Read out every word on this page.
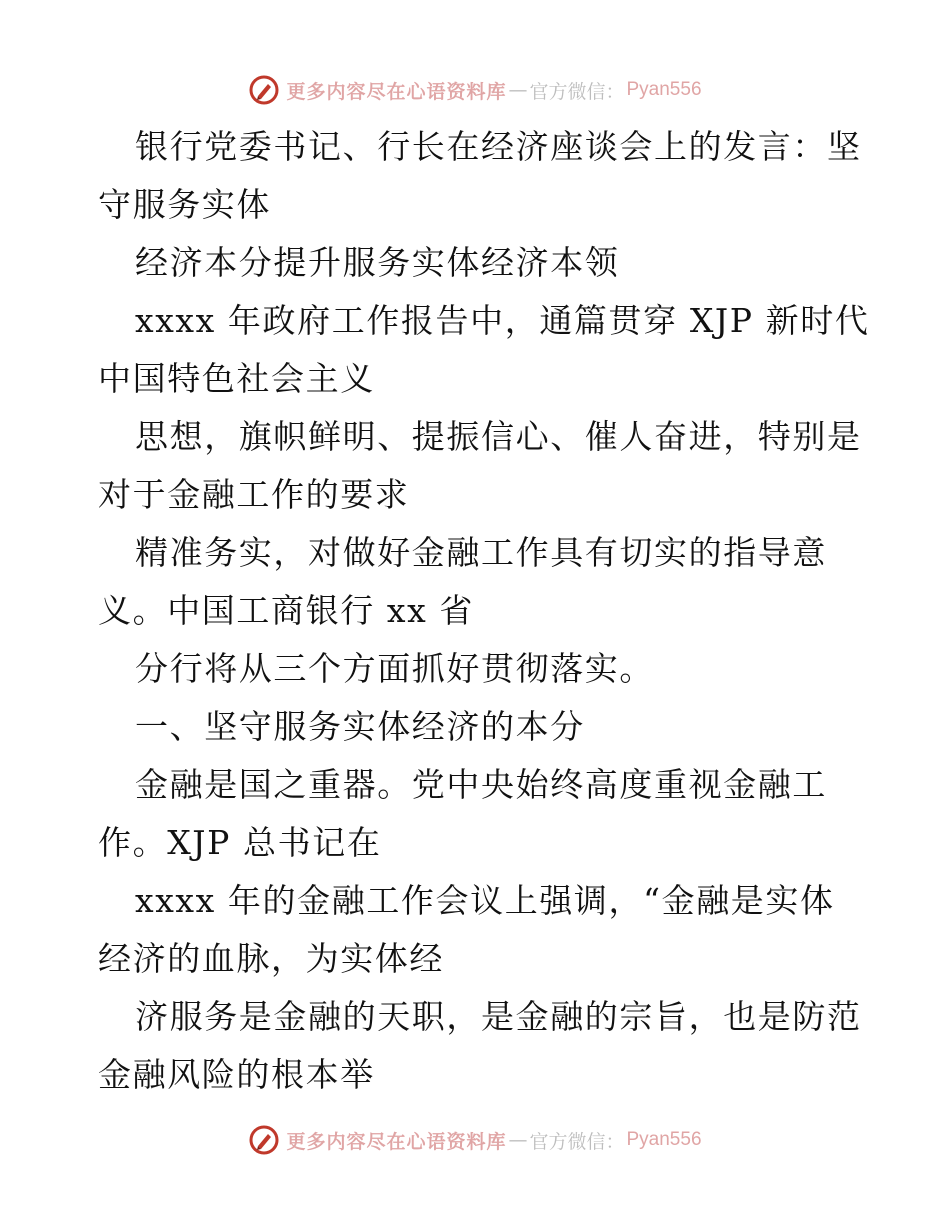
更多内容尽在心语资料库 — 官方微信： Pyan556
银行党委书记、行长在经济座谈会上的发言：坚
守服务实体
经济本分提升服务实体经济本领
xxxx 年政府工作报告中，通篇贯穿 XJP 新时代
中国特色社会主义
思想，旗帜鲜明、提振信心、催人奋进，特别是
对于金融工作的要求
精准务实，对做好金融工作具有切实的指导意
义。中国工商银行 xx 省
分行将从三个方面抓好贯彻落实。
一、坚守服务实体经济的本分
金融是国之重器。党中央始终高度重视金融工
作。XJP 总书记在
xxxx 年的金融工作会议上强调，“金融是实体
经济的血脉，为实体经
济服务是金融的天职，是金融的宗旨，也是防范
金融风险的根本举
更多内容尽在心语资料库 — 官方微信： Pyan556
